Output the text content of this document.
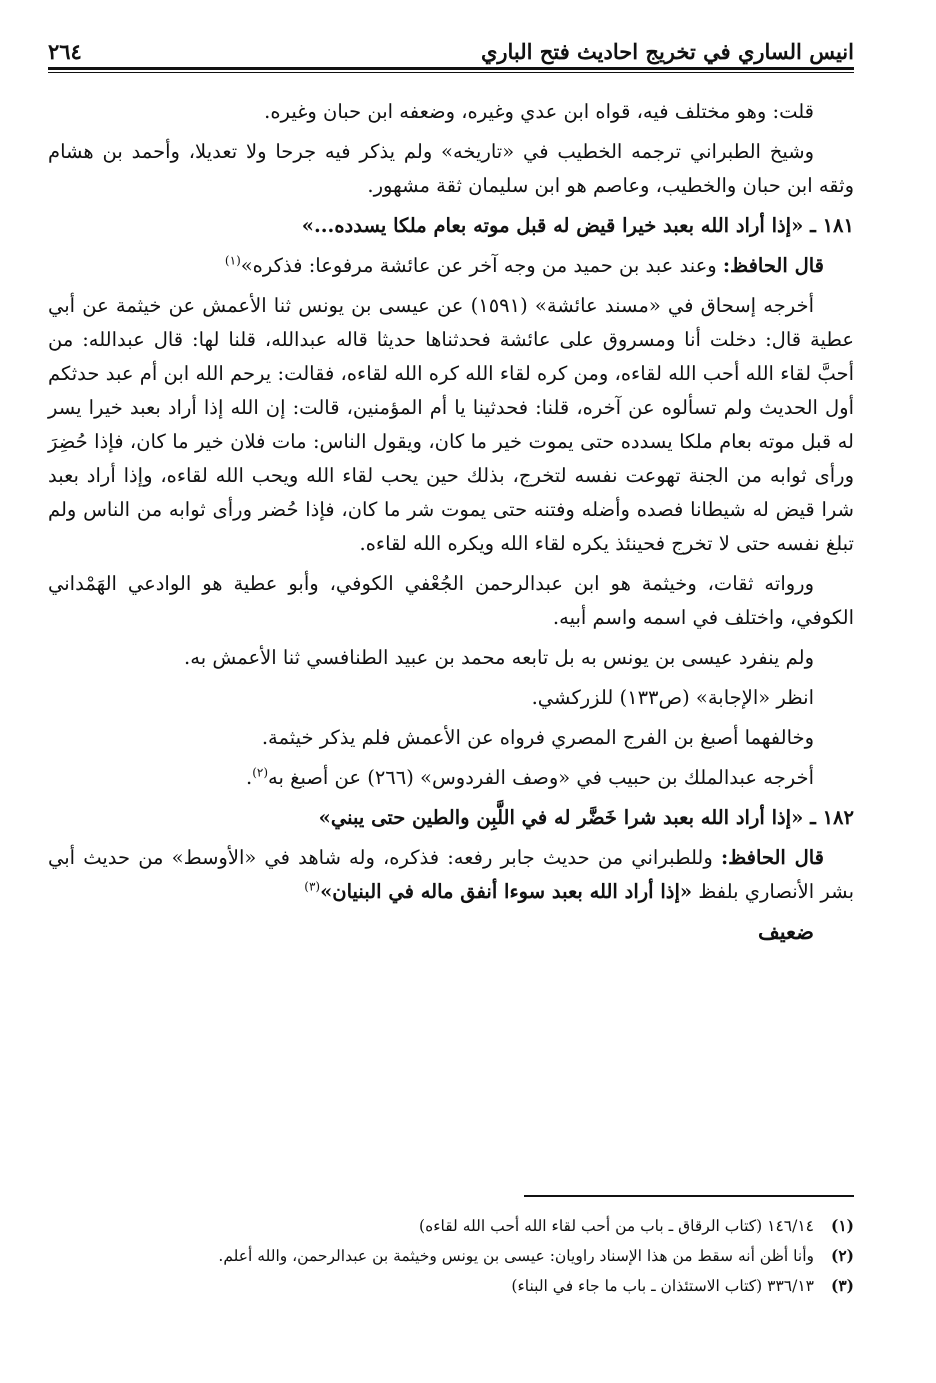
انيس الساري في تخريج احاديث فتح الباري
٢٦٤

قلت: وهو مختلف فيه، قواه ابن عدي وغيره، وضعفه ابن حبان وغيره.

وشيخ الطبراني ترجمه الخطيب في «تاريخه» ولم يذكر فيه جرحا ولا تعديلا، وأحمد بن هشام وثقه ابن حبان والخطيب، وعاصم هو ابن سليمان ثقة مشهور.

١٨١ ـ «إذا أراد الله بعبد خيرا قيض له قبل موته بعام ملكا يسدده...»

قال الحافظ: وعند عبد بن حميد من وجه آخر عن عائشة مرفوعا: فذكره»$^{(١)}$

أخرجه إسحاق في «مسند عائشة» (١٥٩١) عن عيسى بن يونس ثنا الأعمش عن خيثمة عن أبي عطية قال: دخلت أنا ومسروق على عائشة فحدثناها حديثا قاله عبدالله، قلنا لها: قال عبدالله: من أحبَّ لقاء الله أحب الله لقاءه، ومن كره لقاء الله كره الله لقاءه، فقالت: يرحم الله ابن أم عبد حدثكم أول الحديث ولم تسألوه عن آخره، قلنا: فحدثينا يا أم المؤمنين، قالت: إن الله إذا أراد بعبد خيرا يسر له قبل موته بعام ملكا يسدده حتى يموت خير ما كان، ويقول الناس: مات فلان خير ما كان، فإذا حُضِرَ ورأى ثوابه من الجنة تهوعت نفسه لتخرج، بذلك حين يحب لقاء الله ويحب الله لقاءه، وإذا أراد بعبد شرا قيض له شيطانا فصده وأضله وفتنه حتى يموت شر ما كان، فإذا حُضر ورأى ثوابه من الناس ولم تبلغ نفسه حتى لا تخرج فحينئذ يكره لقاء الله ويكره الله لقاءه.

ورواته ثقات، وخيثمة هو ابن عبدالرحمن الجُعْفي الكوفي، وأبو عطية هو الوادعي الهَمْداني الكوفي، واختلف في اسمه واسم أبيه.

ولم ينفرد عيسى بن يونس به بل تابعه محمد بن عبيد الطنافسي ثنا الأعمش به.

انظر «الإجابة» (ص١٣٣) للزركشي.

وخالفهما أصبغ بن الفرج المصري فرواه عن الأعمش فلم يذكر خيثمة.

أخرجه عبدالملك بن حبيب في «وصف الفردوس» (٢٦٦) عن أصبغ به$^{(٢)}$.

١٨٢ ـ «إذا أراد الله بعبد شرا خَضَّر له في اللَّبِن والطين حتى يبني»

قال الحافظ: وللطبراني من حديث جابر رفعه: فذكره، وله شاهد في «الأوسط» من حديث أبي بشر الأنصاري بلفظ «إذا أراد الله بعبد سوءا أنفق ماله في البنيان»$^{(٣)}$

ضعيف

(١)١٤٦/١٤ (كتاب الرقاق ـ باب من أحب لقاء الله أحب الله لقاءه)
(٢)وأنا أظن أنه سقط من هذا الإسناد راويان: عيسى بن يونس وخيثمة بن عبدالرحمن، والله أعلم.
(٣)٣٣٦/١٣ (كتاب الاستئذان ـ باب ما جاء في البناء)
